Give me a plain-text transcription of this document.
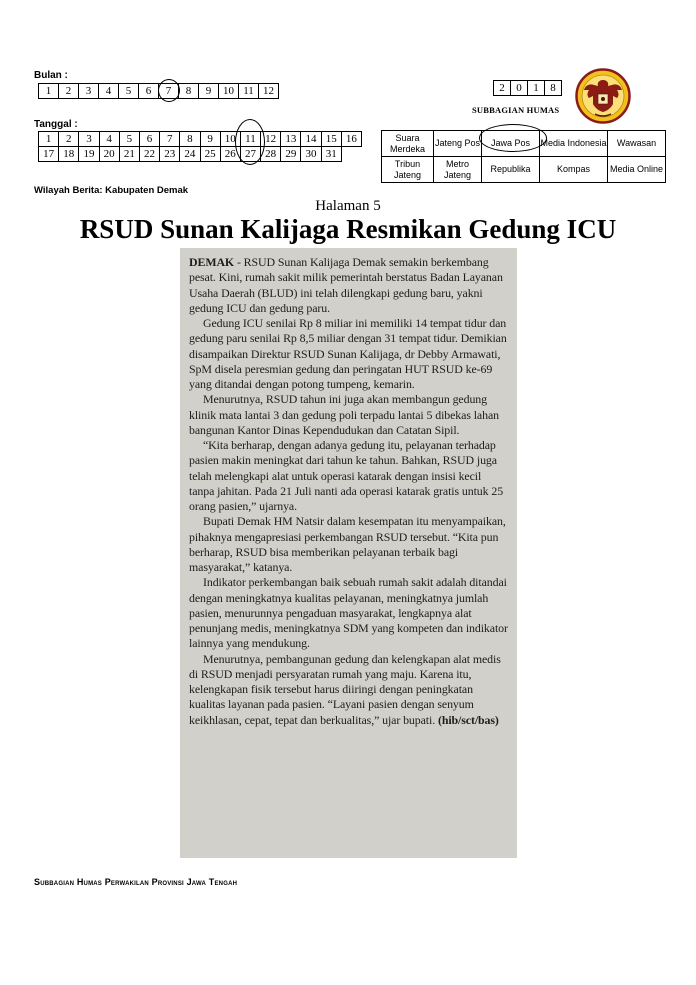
Bulan :
1	2	3	4	5	6	7	8	9	10	11	12
Tanggal :
1	2	3	4	5	6	7	8	9	10	11	12	13	14	15	16
17	18	19	20	21	22	23	24	25	26	27	28	29	30	31	
2	0	1	8
SUBBAGIAN HUMAS
Suara Merdeka	Jateng Pos	Jawa Pos	Media Indonesia	Wawasan
Tribun Jateng	Metro Jateng	Republika	Kompas	Media Online
Wilayah Berita: Kabupaten Demak
Halaman 5
RSUD Sunan Kalijaga Resmikan Gedung ICU

DEMAK - RSUD Sunan Kalijaga Demak semakin berkembang pesat. Kini, rumah sakit milik pemerintah berstatus Badan Layanan Usaha Daerah (BLUD) ini telah dilengkapi gedung baru, yakni gedung ICU dan gedung paru.

Gedung ICU senilai Rp 8 miliar ini memiliki 14 tempat tidur dan gedung paru senilai Rp 8,5 miliar dengan 31 tempat tidur. Demikian disampaikan Direktur RSUD Sunan Kalijaga, dr Debby Armawati, SpM disela peresmian gedung dan peringatan HUT RSUD ke-69 yang ditandai dengan potong tumpeng, kemarin.

Menurutnya, RSUD tahun ini juga akan membangun gedung klinik mata lantai 3 dan gedung poli terpadu lantai 5 dibekas lahan bangunan Kantor Dinas Kependudukan dan Catatan Sipil.

“Kita berharap, dengan adanya gedung itu, pelayanan terhadap pasien makin meningkat dari tahun ke tahun. Bahkan, RSUD juga telah melengkapi alat untuk operasi katarak dengan insisi kecil tanpa jahitan. Pada 21 Juli nanti ada operasi katarak gratis untuk 25 orang pasien,” ujarnya.

Bupati Demak HM Natsir dalam kesempatan itu menyampaikan, pihaknya mengapresiasi perkembangan RSUD tersebut. “Kita pun berharap, RSUD bisa memberikan pelayanan terbaik bagi masyarakat,” katanya.

Indikator perkembangan baik sebuah rumah sakit adalah ditandai dengan meningkatnya kualitas pelayanan, meningkatnya jumlah pasien, menurunnya pengaduan masyarakat, lengkapnya alat penunjang medis, meningkatnya SDM yang kompeten dan indikator lainnya yang mendukung.

Menurutnya, pembangunan gedung dan kelengkapan alat medis di RSUD menjadi persyaratan rumah yang maju. Karena itu, kelengkapan fisik tersebut harus diiringi dengan peningkatan kualitas layanan pada pasien. “Layani pasien dengan senyum keikhlasan, cepat, tepat dan berkualitas,” ujar bupati. (hib/sct/bas)

Subbagian Humas Perwakilan Provinsi Jawa Tengah
